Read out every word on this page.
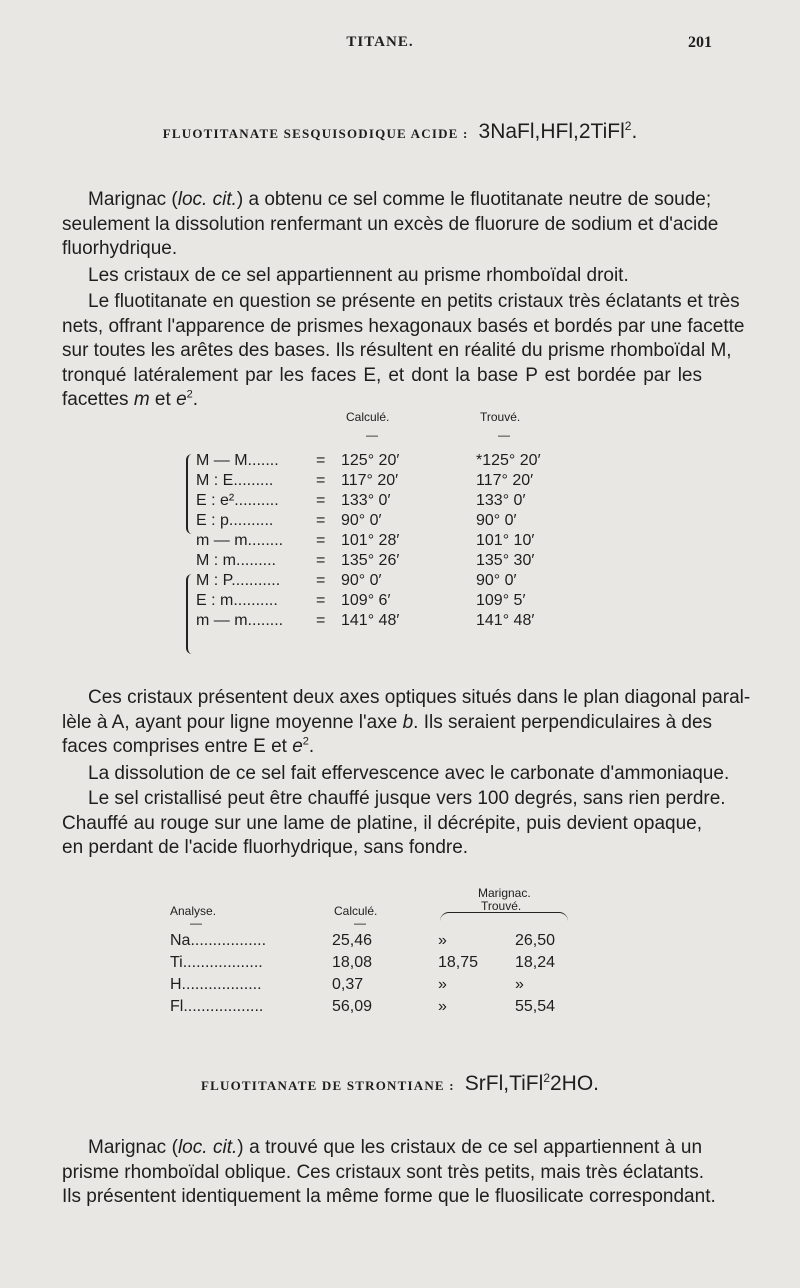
TITANE.	201
FLUOTITANATE SESQUISODIQUE ACIDE : 3NaFl,HFl,2TiFl$^2$.
Marignac (loc. cit.) a obtenu ce sel comme le fluotitanate neutre de soude;
seulement la dissolution renfermant un excès de fluorure de sodium et d'acide
fluorhydrique.
Les cristaux de ce sel appartiennent au prisme rhomboïdal droit.
Le fluotitanate en question se présente en petits cristaux très éclatants et très
nets, offrant l'apparence de prismes hexagonaux basés et bordés par une facette
sur toutes les arêtes des bases. Ils résultent en réalité du prisme rhomboïdal M,
tronqué latéralement par les faces E, et dont la base P est bordée par les
facettes m et $e^2$.
Calculé.	Trouvé.
—	—
M — M....... = 125° 20′	*125° 20′
M : E.........	= 117° 20′	117° 20′
E : e².......... = 133° 0′	133° 0′
E : p..........	= 90° 0′	90° 0′
m — m........ = 101° 28′	101° 10′
M : m.........	= 135° 26′	135° 30′
M : P........... = 90° 0′	90° 0′
E : m.......... = 109° 6′	109° 5′
m — m........ = 141° 48′	141° 48′
Ces cristaux présentent deux axes optiques situés dans le plan diagonal paral-
lèle à A, ayant pour ligne moyenne l'axe b. Ils seraient perpendiculaires à des
faces comprises entre E et $e^2$.
La dissolution de ce sel fait effervescence avec le carbonate d'ammoniaque.
Le sel cristallisé peut être chauffé jusque vers 100 degrés, sans rien perdre.
Chauffé au rouge sur une lame de platine, il décrépite, puis devient opaque,
en perdant de l'acide fluorhydrique, sans fondre.
Analyse.	Calculé.
Marignac.
Trouvé.
—	—
Na.................	25,46	»	26,50
Ti..................	18,08	18,75 18,24
H..................	0,37	»	»
Fl..................	56,09	»	55,54
FLUOTITANATE DE STRONTIANE : SrFl,TiFl$^2$2HO.
Marignac (loc. cit.) a trouvé que les cristaux de ce sel appartiennent à un
prisme rhomboïdal oblique. Ces cristaux sont très petits, mais très éclatants.
Ils présentent identiquement la même forme que le fluosilicate correspondant.
